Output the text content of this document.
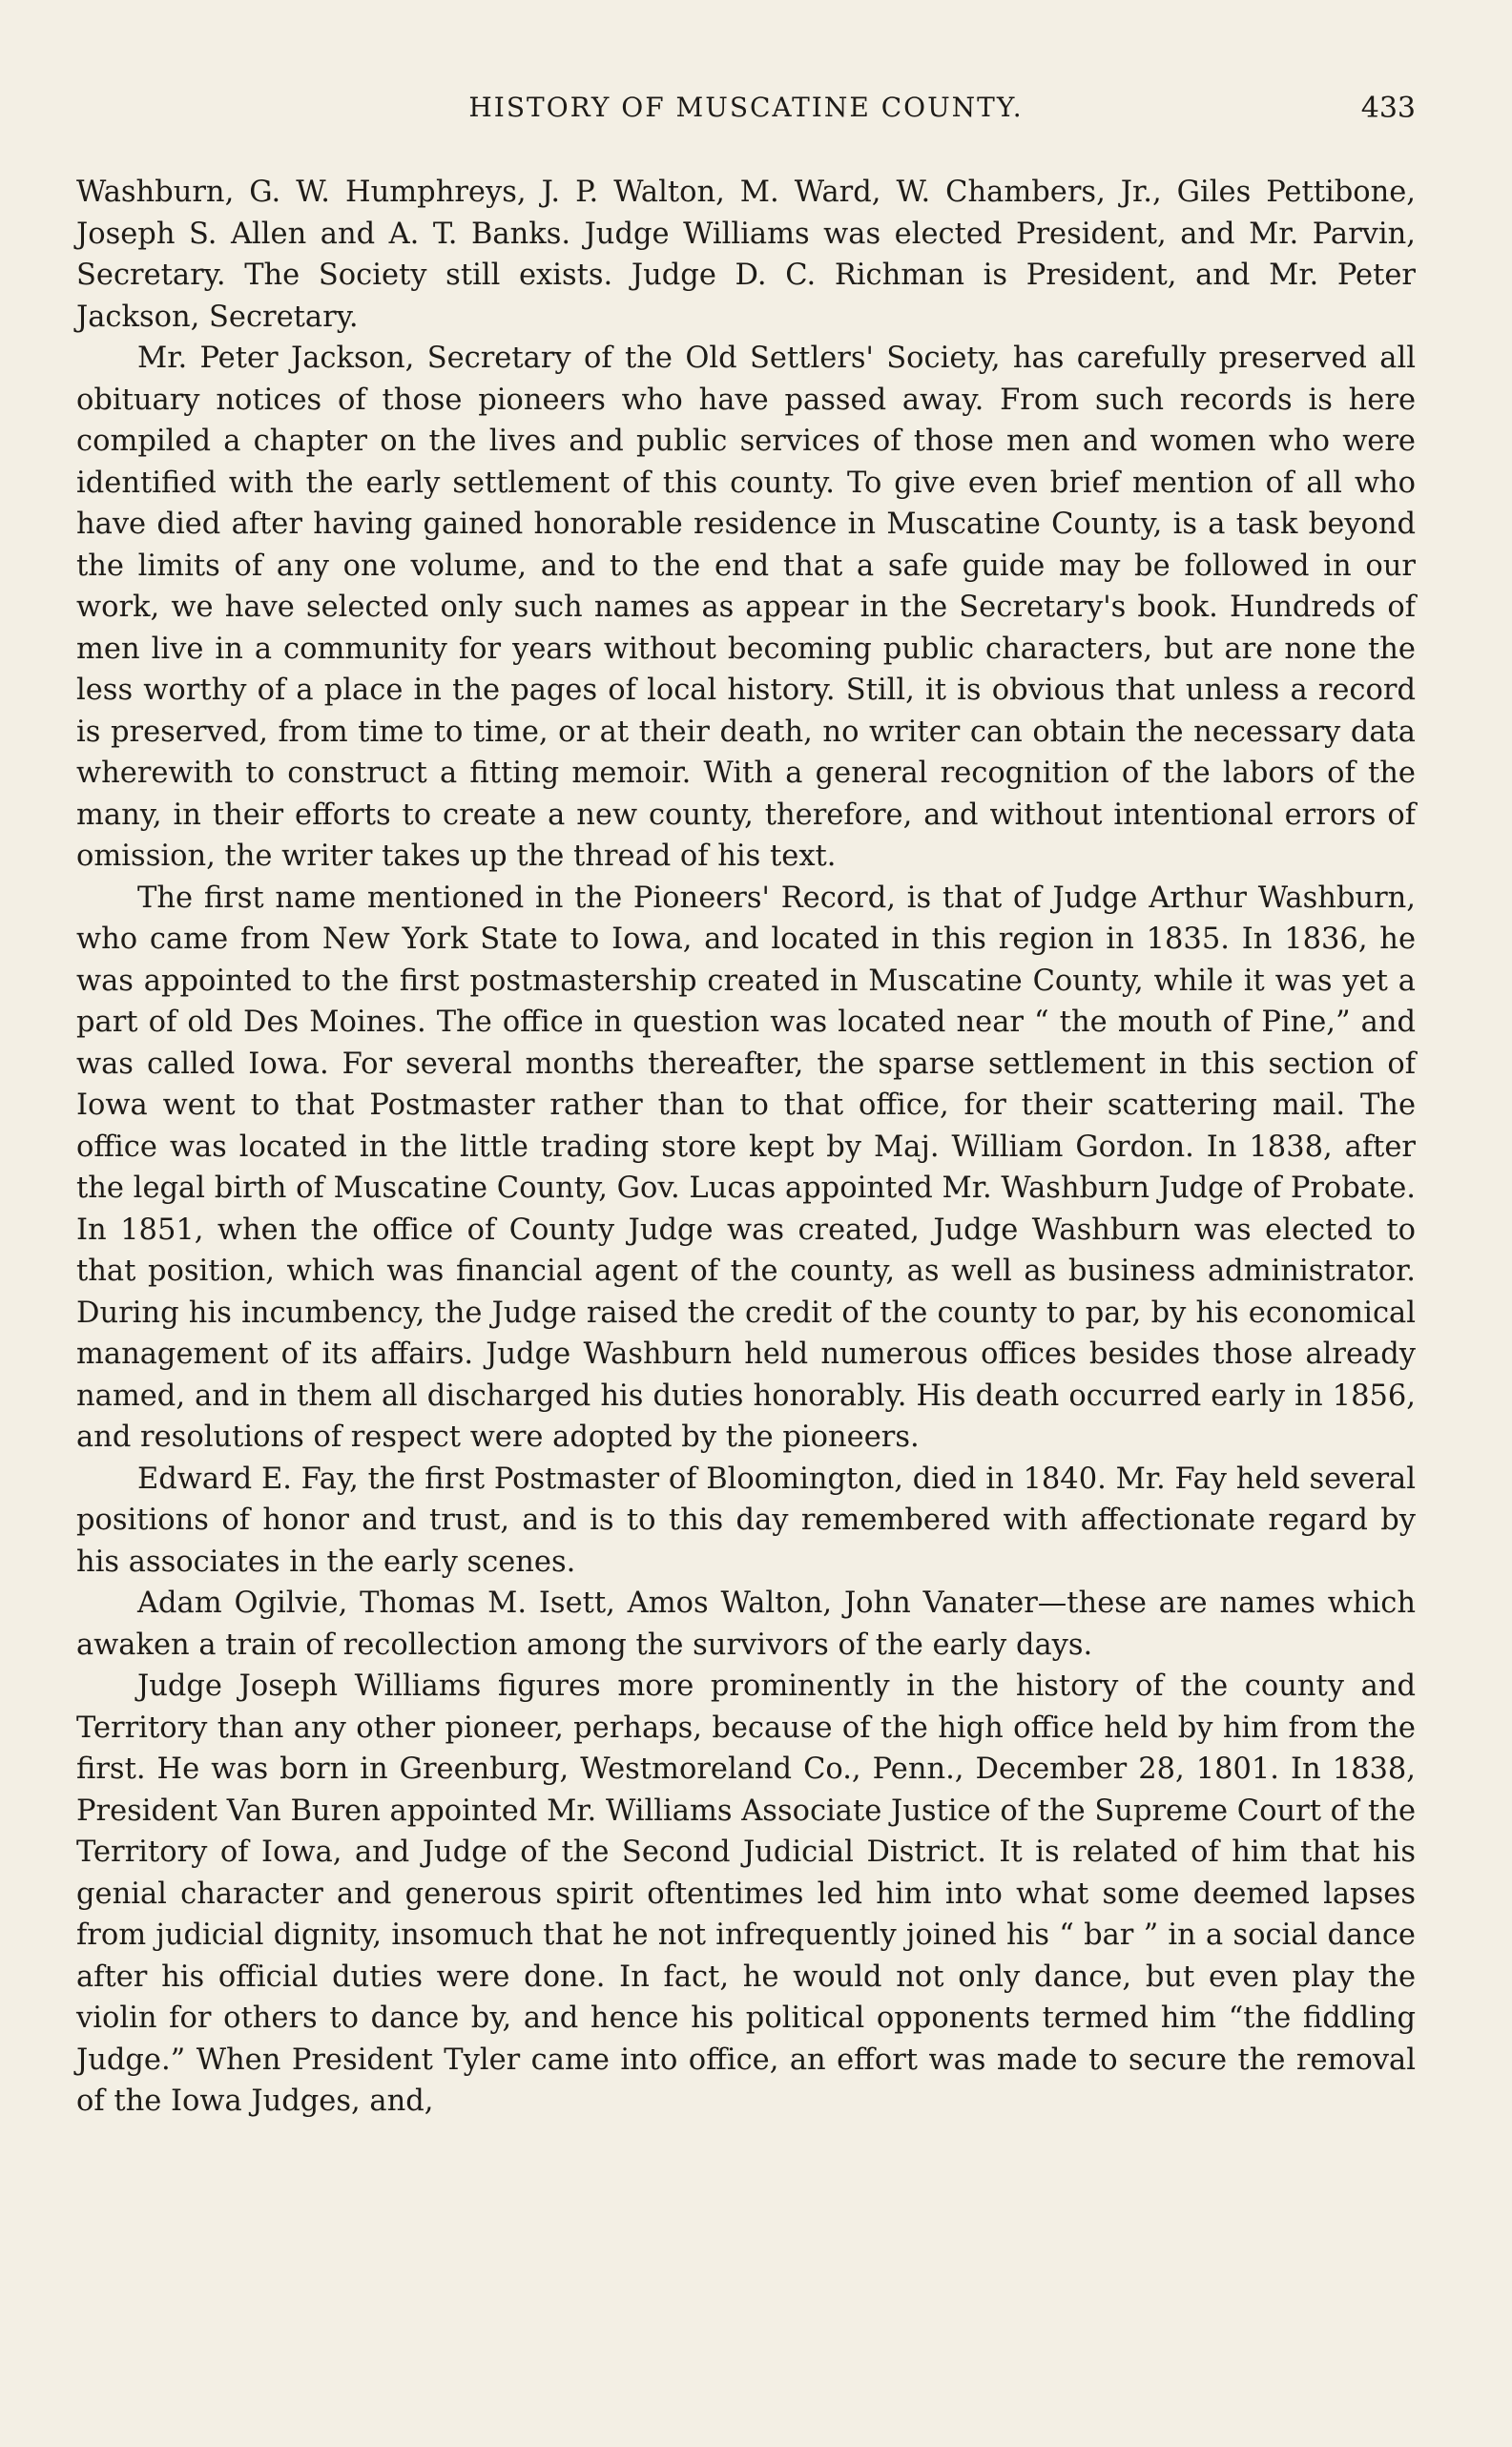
HISTORY OF MUSCATINE COUNTY.	433

Washburn, G. W. Humphreys, J. P. Walton, M. Ward, W. Chambers, Jr., Giles Pettibone, Joseph S. Allen and A. T. Banks. Judge Williams was elected President, and Mr. Parvin, Secretary. The Society still exists. Judge D. C. Richman is President, and Mr. Peter Jackson, Secretary.

Mr. Peter Jackson, Secretary of the Old Settlers' Society, has carefully preserved all obituary notices of those pioneers who have passed away. From such records is here compiled a chapter on the lives and public services of those men and women who were identified with the early settlement of this county. To give even brief mention of all who have died after having gained honorable residence in Muscatine County, is a task beyond the limits of any one volume, and to the end that a safe guide may be followed in our work, we have selected only such names as appear in the Secretary's book. Hundreds of men live in a community for years without becoming public characters, but are none the less worthy of a place in the pages of local history. Still, it is obvious that unless a record is preserved, from time to time, or at their death, no writer can obtain the necessary data wherewith to construct a fitting memoir. With a general recognition of the labors of the many, in their efforts to create a new county, therefore, and without intentional errors of omission, the writer takes up the thread of his text.

The first name mentioned in the Pioneers' Record, is that of Judge Arthur Washburn, who came from New York State to Iowa, and located in this region in 1835. In 1836, he was appointed to the first postmastership created in Muscatine County, while it was yet a part of old Des Moines. The office in question was located near “ the mouth of Pine,” and was called Iowa. For several months thereafter, the sparse settlement in this section of Iowa went to that Postmaster rather than to that office, for their scattering mail. The office was located in the little trading store kept by Maj. William Gordon. In 1838, after the legal birth of Muscatine County, Gov. Lucas appointed Mr. Washburn Judge of Probate. In 1851, when the office of County Judge was created, Judge Washburn was elected to that position, which was financial agent of the county, as well as business administrator. During his incumbency, the Judge raised the credit of the county to par, by his economical management of its affairs. Judge Washburn held numerous offices besides those already named, and in them all discharged his duties honorably. His death occurred early in 1856, and resolutions of respect were adopted by the pioneers.

Edward E. Fay, the first Postmaster of Bloomington, died in 1840. Mr. Fay held several positions of honor and trust, and is to this day remembered with affectionate regard by his associates in the early scenes.

Adam Ogilvie, Thomas M. Isett, Amos Walton, John Vanater—these are names which awaken a train of recollection among the survivors of the early days.

Judge Joseph Williams figures more prominently in the history of the county and Territory than any other pioneer, perhaps, because of the high office held by him from the first. He was born in Greenburg, Westmoreland Co., Penn., December 28, 1801. In 1838, President Van Buren appointed Mr. Williams Associate Justice of the Supreme Court of the Territory of Iowa, and Judge of the Second Judicial District. It is related of him that his genial character and generous spirit oftentimes led him into what some deemed lapses from judicial dignity, insomuch that he not infrequently joined his “ bar ” in a social dance after his official duties were done. In fact, he would not only dance, but even play the violin for others to dance by, and hence his political opponents termed him “the fiddling Judge.” When President Tyler came into office, an effort was made to secure the removal of the Iowa Judges, and,
